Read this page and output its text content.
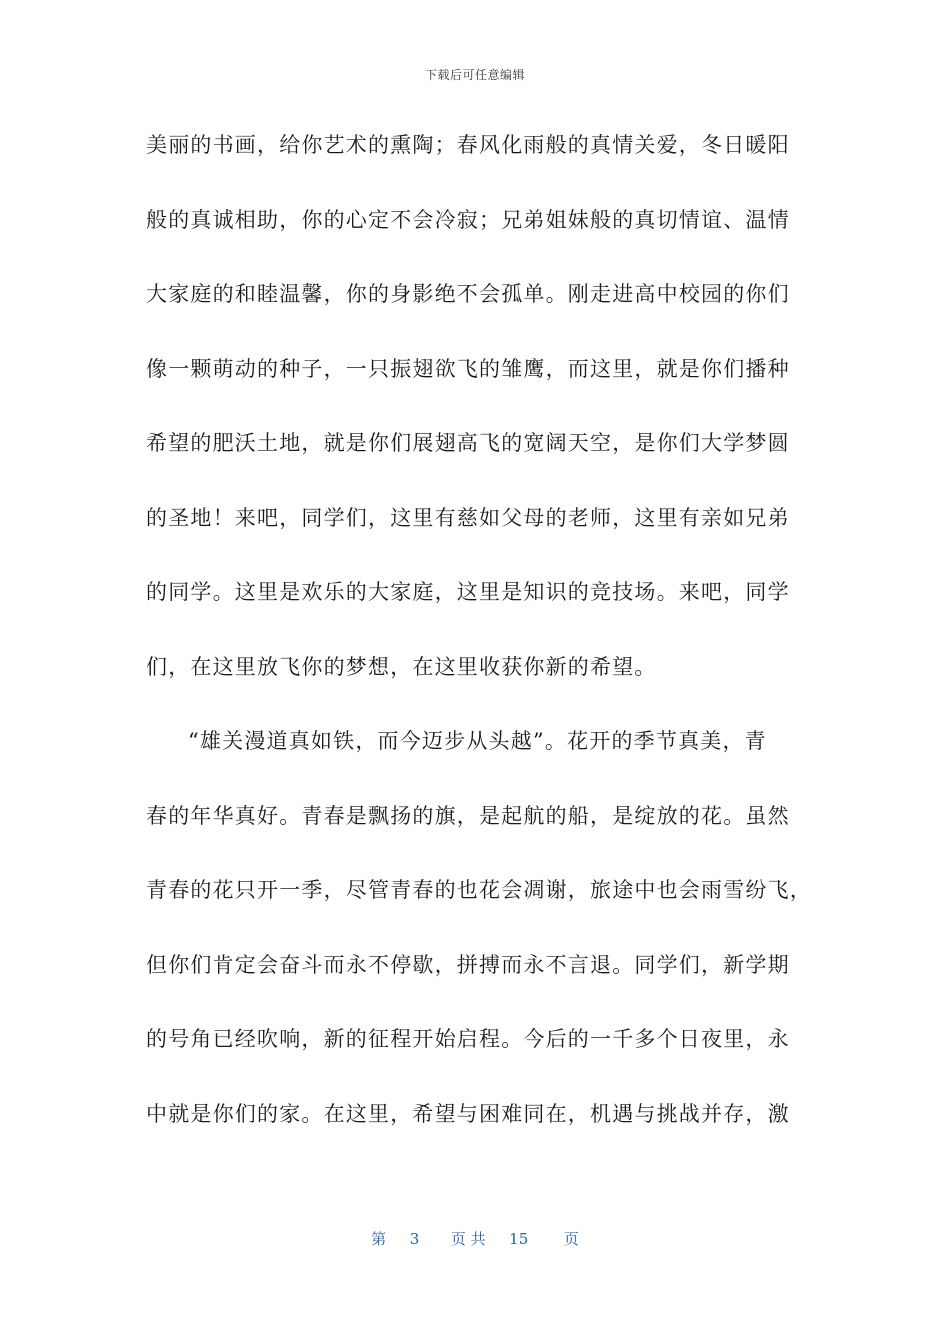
下载后可任意编辑
美丽的书画，给你艺术的熏陶；春风化雨般的真情关爱，冬日暖阳
般的真诚相助，你的心定不会冷寂；兄弟姐妹般的真切情谊、温情
大家庭的和睦温馨，你的身影绝不会孤单。刚走进高中校园的你们
像一颗萌动的种子，一只振翅欲飞的雏鹰，而这里，就是你们播种
希望的肥沃土地，就是你们展翅高飞的宽阔天空，是你们大学梦圆
的圣地！来吧，同学们，这里有慈如父母的老师，这里有亲如兄弟
的同学。这里是欢乐的大家庭，这里是知识的竞技场。来吧，同学
们，在这里放飞你的梦想，在这里收获你新的希望。
“雄关漫道真如铁，而今迈步从头越”。花开的季节真美，青
春的年华真好。青春是飘扬的旗，是起航的船，是绽放的花。虽然
青春的花只开一季，尽管青春的也花会凋谢，旅途中也会雨雪纷飞，
但你们肯定会奋斗而永不停歇，拼搏而永不言退。同学们，新学期
的号角已经吹响，新的征程开始启程。今后的一千多个日夜里，永
中就是你们的家。在这里，希望与困难同在，机遇与挑战并存，激
第 3 页 共 15 页
